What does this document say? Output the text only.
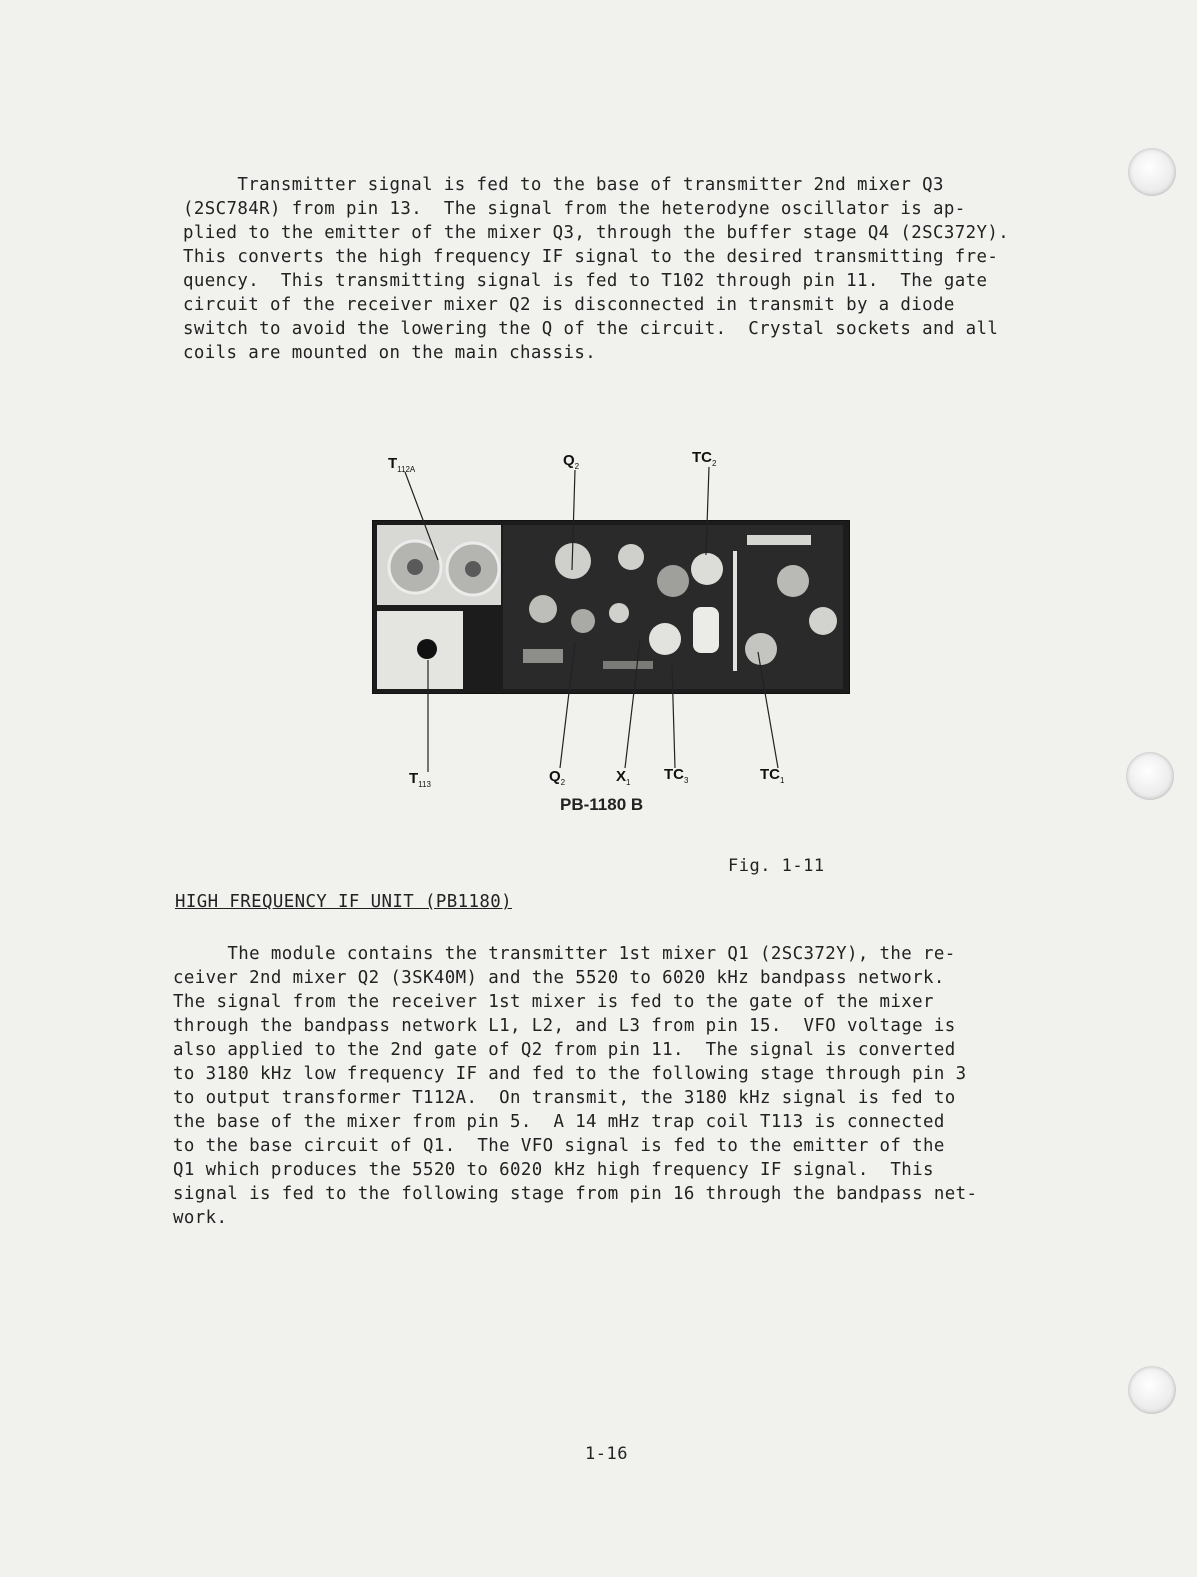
Transmitter signal is fed to the base of transmitter 2nd mixer Q3

(2SC784R) from pin 13.  The signal from the heterodyne oscillator is ap-

plied to the emitter of the mixer Q3, through the buffer stage Q4 (2SC372Y).

This converts the high frequency IF signal to the desired transmitting fre-

quency.  This transmitting signal is fed to T102 through pin 11.  The gate

circuit of the receiver mixer Q2 is disconnected in transmit by a diode

switch to avoid the lowering the Q of the circuit.  Crystal sockets and all

coils are mounted on the main chassis.

$T_{112A}$
$Q_2$
$TC_2$
$T_{113}$	$Q_2$	$X_1$ $TC_3$	$TC_1$
PB-1180 B
Fig. 1-11

HIGH FREQUENCY IF UNIT (PB1180)

The module contains the transmitter 1st mixer Q1 (2SC372Y), the re-

ceiver 2nd mixer Q2 (3SK40M) and the 5520 to 6020 kHz bandpass network.

The signal from the receiver 1st mixer is fed to the gate of the mixer

through the bandpass network L1, L2, and L3 from pin 15.  VFO voltage is

also applied to the 2nd gate of Q2 from pin 11.  The signal is converted

to 3180 kHz low frequency IF and fed to the following stage through pin 3

to output transformer T112A.  On transmit, the 3180 kHz signal is fed to

the base of the mixer from pin 5.  A 14 mHz trap coil T113 is connected

to the base circuit of Q1.  The VFO signal is fed to the emitter of the

Q1 which produces the 5520 to 6020 kHz high frequency IF signal.  This

signal is fed to the following stage from pin 16 through the bandpass net-

work.

1-16
